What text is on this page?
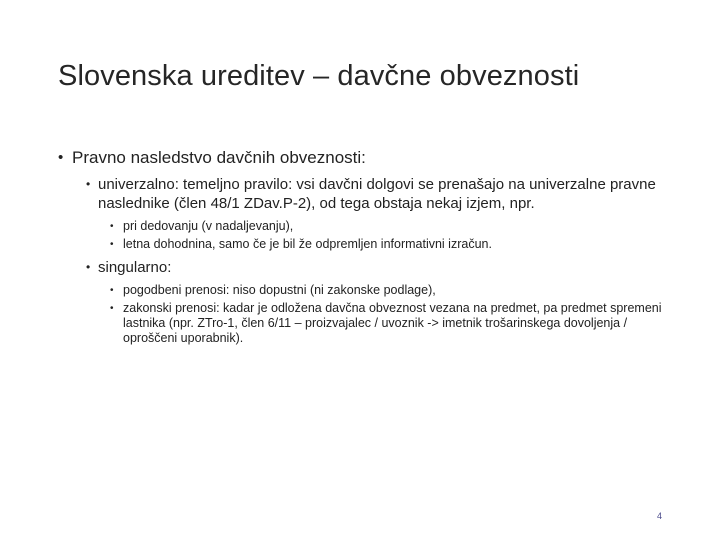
Slovenska ureditev – davčne obveznosti
• Pravno nasledstvo davčnih obveznosti:
• univerzalno: temeljno pravilo: vsi davčni dolgovi se prenašajo na univerzalne pravne naslednike (člen 48/1 ZDav.P-2), od tega obstaja nekaj izjem, npr.
• pri dedovanju (v nadaljevanju),
• letna dohodnina, samo če je bil že odpremljen informativni izračun.
• singularno:
• pogodbeni prenosi: niso dopustni (ni zakonske podlage),
• zakonski prenosi: kadar je odložena davčna obveznost vezana na predmet, pa predmet spremeni lastnika (npr. ZTro-1, člen 6/11 – proizvajalec / uvoznik -> imetnik trošarinskega dovoljenja / oproščeni uporabnik).
4
